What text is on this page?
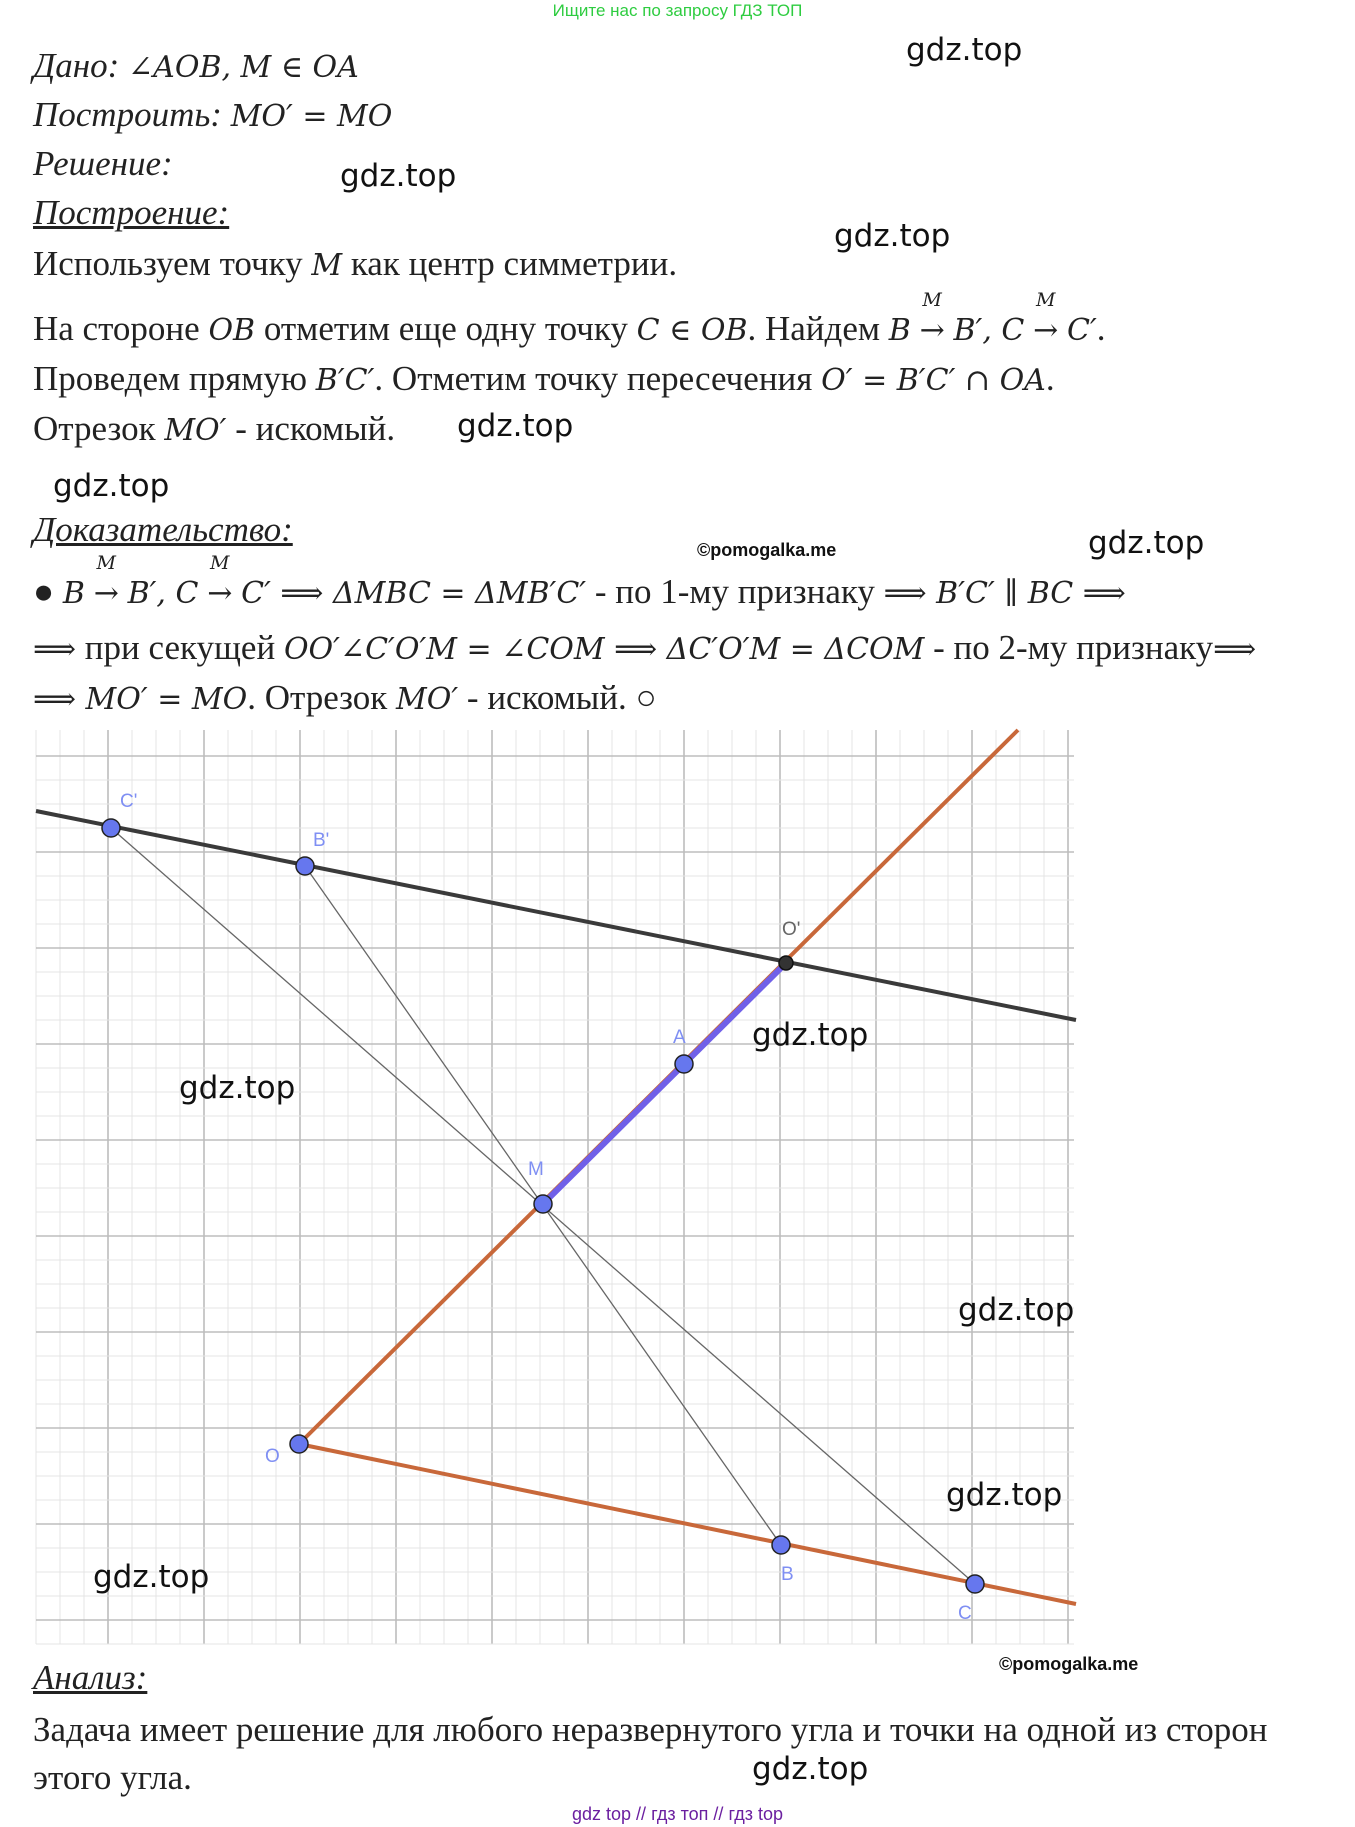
Ищите нас по запросу ГДЗ ТОП
Дано: ∠AOB, M ∈ OA
Построить: MO′ = MO
Решение:
Построение:
Используем точку M как центр симметрии.
На стороне OB отметим еще одну точку C ∈ OB. Найдем B
M
→ B′, C
M
→ C′.
Проведем прямую B′C′. Отметим точку пересечения O′ = B′C′ ∩ OA.
Отрезок MO′ - искомый.
Доказательство:
● B
M
→ B′, C
M
→ C′ ⟹ ΔMBC = ΔMB′C′ - по 1-му признаку ⟹ B′C′ ∥ BC ⟹
⟹ при секущей OO′∠C′O′M = ∠COM ⟹ ΔC′O′M = ΔCOM - по 2-му признаку⟹
⟹ MO′ = MO. Отрезок MO′ - искомый. ○
C'
B'
O'
A
M
O
B
C
Анализ:
Задача имеет решение для любого неразвернутого угла и точки на одной из сторон
этого угла.
gdz.top
gdz.top
gdz.top
gdz.top
gdz.top
gdz.top
gdz.top
gdz.top
gdz.top
gdz.top
gdz.top
gdz.top
©pomogalka.me
©pomogalka.me
gdz top // гдз топ // гдз top
